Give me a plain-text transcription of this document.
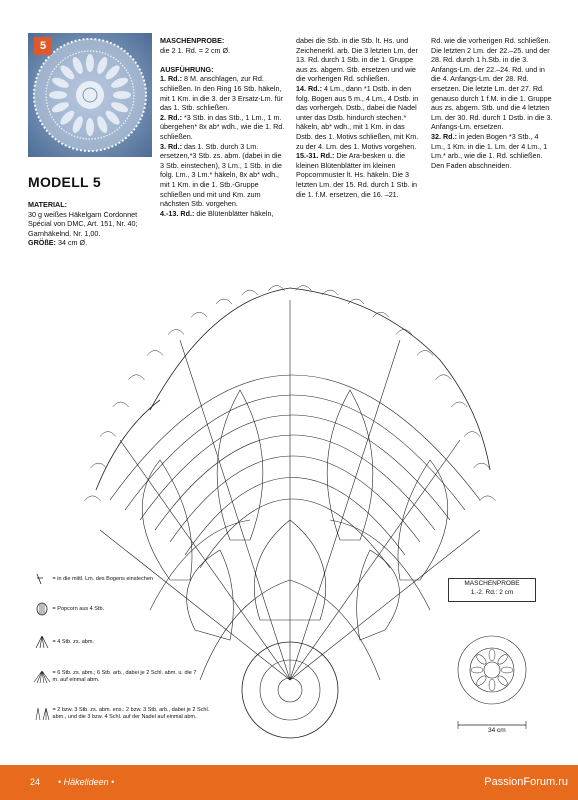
5
MODELL 5
MATERIAL:
30 g weißes Häkelgarn Cordonnet Spécial von DMC, Art. 151, Nr. 40; Garnhäkelnd. Nr. 1,00.
GRÖßE: 34 cm Ø.
MASCHENPROBE:
die 2 1. Rd. = 2 cm Ø.

AUSFÜHRUNG:
1. Rd.: 8 M. anschlagen, zur Rd. schließen. In den Ring 16 Stb. häkeln, mit 1 Km. in die 3. der 3 Ersatz-Lm. für das 1. Stb. schließen.
2. Rd.: *3 Stb. in das Stb., 1 Lm., 1 m. übergehen* 8x ab* wdh., wie die 1. Rd. schließen.
3. Rd.: das 1. Stb. durch 3 Lm. ersetzen,*3 Stb. zs. abm. (dabei in die 3 Stb. einstechen), 3 Lm., 1 Stb. in die folg. Lm., 3 Lm.* häkeln, 8x ab* wdh., mit 1 Km. in die 1. Stb.-Gruppe schließen und mit und Km. zum nächsten Stb. vorgehen.
4.-13. Rd.: die Blütenblätter häkeln,
dabei die Stb. in die Stb. lt. Hs. und Zeichenerkl. arb. Die 3 letzten Lm. der 13. Rd. durch 1 Stb. in die 1. Gruppe aus zs. abgem. Stb. ersetzen und wie die vorherigen Rd. schließen.
14. Rd.: 4 Lm., dann *1 Dstb. in den folg. Bogen aus 5 m., 4 Lm., 4 Dstb. in das vorhergeh. Dstb., dabei die Nadel unter das Dstb. hindurch stechen.* häkeln, ab* wdh., mit 1 Km. in das Dstb. des 1. Motivs schließen, mit Km. zu der 4. Lm. des 1. Motivs vorgehen.
15.-31. Rd.: Die Ara-besken u. die kleinen Blütenblätter im kleinen Popcornmuster lt. Hs. häkeln. Die 3 letzten Lm. der 15. Rd. durch 1 Stb. in die 1. f.M. ersetzen, die 16. –21.
Rd. wie die vorherigen Rd. schließen. Die letzten 2 Lm. der 22.–25. und der 28. Rd. durch 1 h.Stb. in die 3. Anfangs-Lm. der 22.–24. Rd. und in die 4. Anfangs-Lm. der 28. Rd. ersetzen. Die letzte Lm. der 27. Rd. genauso durch 1 f.M. in die 1. Gruppe aus zs. abgem. Stb. und die 4 letzten Lm. der 30. Rd. durch 1 Dstb. in die 3. Anfangs-Lm. ersetzen.
32. Rd.: in jeden Bogen *3 Stb., 4 Lm., 1 Km. in die 1. Lm. der 4 Lm., 1 Lm.* arb., wie die 1. Rd. schließen. Den Faden abschneiden.
= in die mittl. Lm. des Bogens einstechen
= Popcorn aus 4 Stb.
= 4 Stb. zs. abm.
= 6 Stb. zs. abm.; 6 Stb. arb., dabei je 2 Schl. abm. u. die 7 m. auf einmal abm.
= 2 bzw. 3 Stb. zs. abm. ens.: 2 bzw. 3 Stb. arb., dabei je 2 Schl. abm., und die 3 bzw. 4 Schl. auf der Nadel auf einmal abm.
MASCHENPROBE
1.-2. Rd.: 2 cm
34 cm
24 • Häkelideen •	PassionForum.ru
